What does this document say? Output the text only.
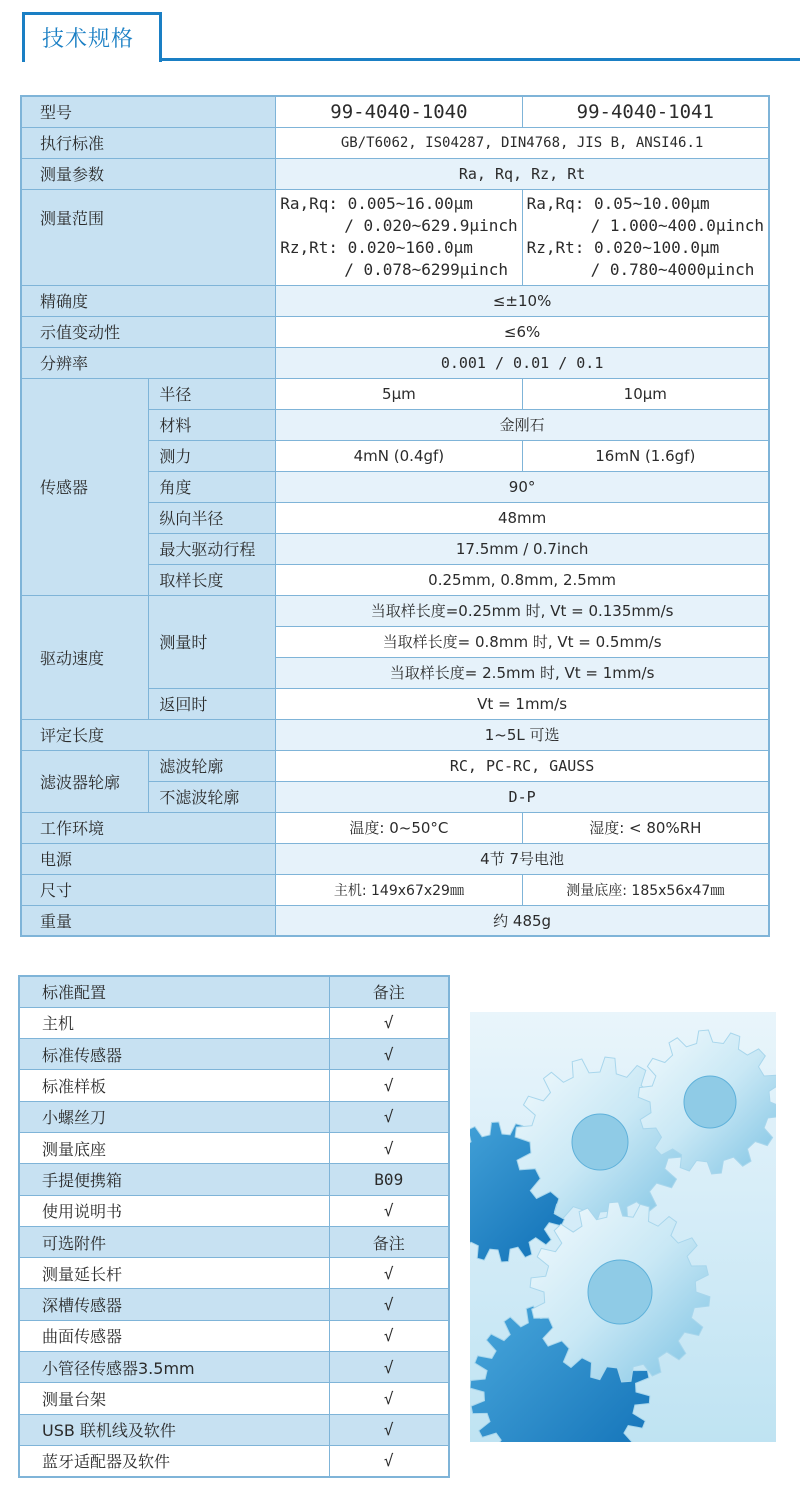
技术规格
型号		99-4040-1040	99-4040-1041
执行标准		GB/T6062, IS04287, DIN4768, JIS B, ANSI46.1	
测量参数		Ra, Rq, Rz, Rt	
测量范围		Ra,Rq: 0.005~16.00μm
/ 0.020~629.9μinch
Rz,Rt: 0.020~160.0μm
/ 0.078~6299μinch	Ra,Rq: 0.05~10.00μm
/ 1.000~400.0μinch
Rz,Rt: 0.020~100.0μm
/ 0.780~4000μinch

精确度		≤±10%	
示值变动性		≤6%	
分辨率		0.001 / 0.01 / 0.1	
传感器	半径	5μm	10μm
	材料	金刚石	
	测力	4mN (0.4gf)	16mN (1.6gf)
	角度	90°	
	纵向半径	48mm	
	最大驱动行程	17.5mm / 0.7inch	
	取样长度	0.25mm, 0.8mm, 2.5mm	
驱动速度	测量时	当取样长度=0.25mm 时, Vt = 0.135mm/s	
		当取样长度= 0.8mm 时, Vt = 0.5mm/s	
		当取样长度= 2.5mm 时, Vt = 1mm/s	
	返回时	Vt = 1mm/s	
评定长度		1~5L 可选	
滤波器轮廓	滤波轮廓	RC, PC-RC, GAUSS	
	不滤波轮廓	D-P	
工作环境		温度: 0~50°C	湿度: < 80%RH
电源		4节 7号电池	
尺寸		主机: 149x67x29㎜	测量底座: 185x56x47㎜
重量		约 485g	
标准配置	备注
主机	√
标准传感器	√
标准样板	√
小螺丝刀	√
测量底座	√
手提便携箱	B09
使用说明书	√
可选附件	备注
测量延长杆	√
深槽传感器	√
曲面传感器	√
小管径传感器3.5mm	√
测量台架	√
USB 联机线及软件	√
蓝牙适配器及软件	√
